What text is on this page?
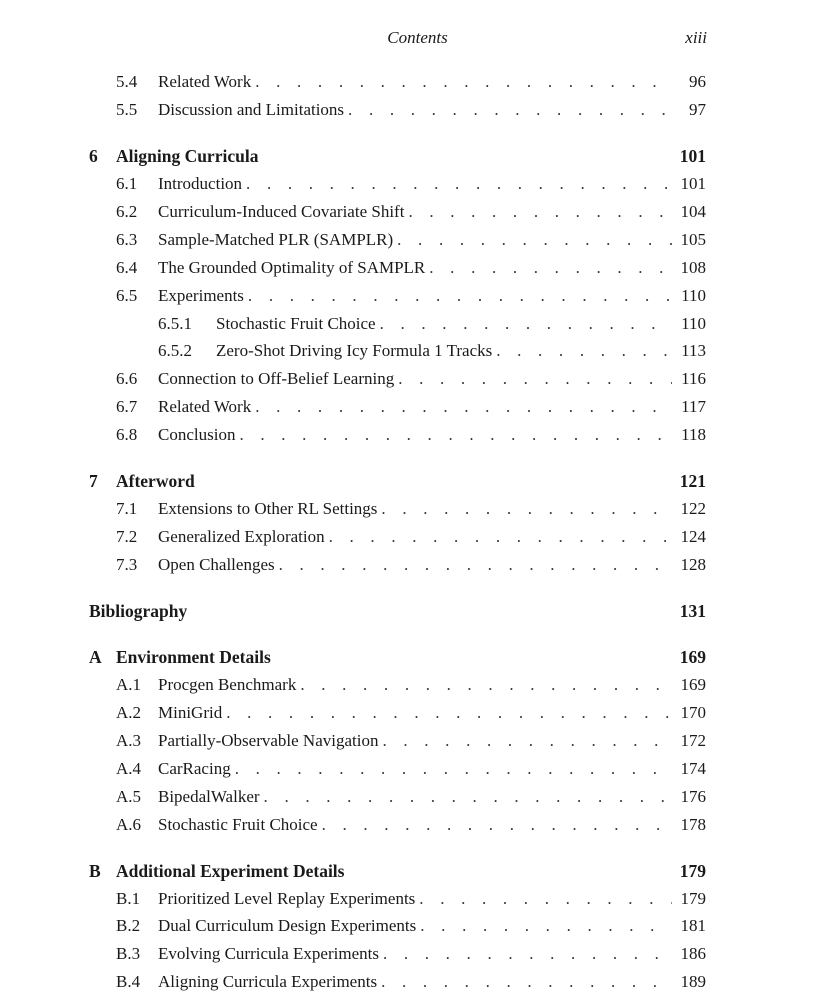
Contents	xiii
5.4	Related Work . . .	96
5.5	Discussion and Limitations . . .	97
6	Aligning Curricula	101
6.1	Introduction . . .	101
6.2	Curriculum-Induced Covariate Shift . . .	104
6.3	Sample-Matched PLR (SAMPLR) . . .	105
6.4	The Grounded Optimality of SAMPLR . . .	108
6.5	Experiments . . .	110
6.5.1	Stochastic Fruit Choice . . .	110
6.5.2	Zero-Shot Driving Icy Formula 1 Tracks . . .	113
6.6	Connection to Off-Belief Learning . . .	116
6.7	Related Work . . .	117
6.8	Conclusion . . .	118
7	Afterword	121
7.1	Extensions to Other RL Settings . . .	122
7.2	Generalized Exploration . . .	124
7.3	Open Challenges . . .	128
Bibliography	131
A Environment Details	169
A.1 Procgen Benchmark . . .	169
A.2 MiniGrid . . .	170
A.3 Partially-Observable Navigation . . .	172
A.4 CarRacing . . .	174
A.5 BipedalWalker . . .	176
A.6 Stochastic Fruit Choice . . .	178
B Additional Experiment Details	179
B.1	Prioritized Level Replay Experiments . . .	179
B.2	Dual Curriculum Design Experiments . . .	181
B.3	Evolving Curricula Experiments . . .	186
B.4	Aligning Curricula Experiments . . .	189
